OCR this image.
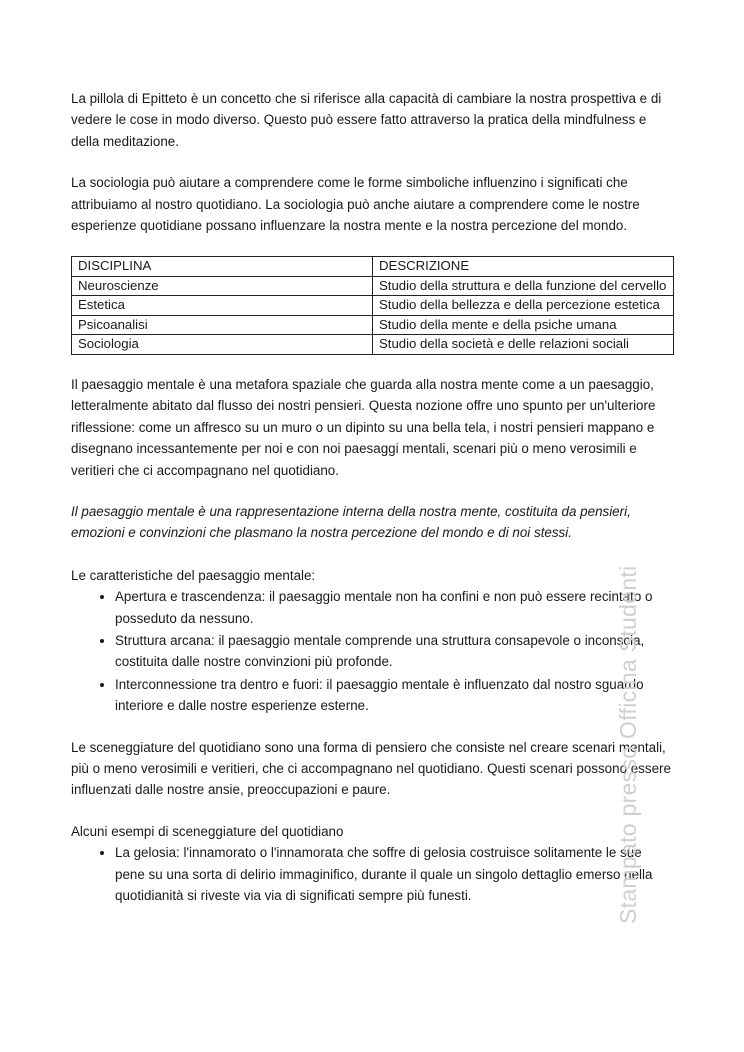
La pillola di Epitteto è un concetto che si riferisce alla capacità di cambiare la nostra prospettiva e di vedere le cose in modo diverso. Questo può essere fatto attraverso la pratica della mindfulness e della meditazione.

La sociologia può aiutare a comprendere come le forme simboliche influenzino i significati che attribuiamo al nostro quotidiano. La sociologia può anche aiutare a comprendere come le nostre esperienze quotidiane possano influenzare la nostra mente e la nostra percezione del mondo.

DISCIPLINA	DESCRIZIONE
Neuroscienze	Studio della struttura e della funzione del cervello
Estetica	Studio della bellezza e della percezione estetica
Psicoanalisi	Studio della mente e della psiche umana
Sociologia	Studio della società e delle relazioni sociali

Il paesaggio mentale è una metafora spaziale che guarda alla nostra mente come a un paesaggio, letteralmente abitato dal flusso dei nostri pensieri. Questa nozione offre uno spunto per un'ulteriore riflessione: come un affresco su un muro o un dipinto su una bella tela, i nostri pensieri mappano e disegnano incessantemente per noi e con noi paesaggi mentali, scenari più o meno verosimili e veritieri che ci accompagnano nel quotidiano.

Il paesaggio mentale è una rappresentazione interna della nostra mente, costituita da pensieri, emozioni e convinzioni che plasmano la nostra percezione del mondo e di noi stessi.

Le caratteristiche del paesaggio mentale:

• Apertura e trascendenza: il paesaggio mentale non ha confini e non può essere recintato o posseduto da nessuno.
• Struttura arcana: il paesaggio mentale comprende una struttura consapevole o inconscia, costituita dalle nostre convinzioni più profonde.
• Interconnessione tra dentro e fuori: il paesaggio mentale è influenzato dal nostro sguardo interiore e dalle nostre esperienze esterne.

Le sceneggiature del quotidiano sono una forma di pensiero che consiste nel creare scenari mentali, più o meno verosimili e veritieri, che ci accompagnano nel quotidiano. Questi scenari possono essere influenzati dalle nostre ansie, preoccupazioni e paure.

Alcuni esempi di sceneggiature del quotidiano

• La gelosia: l'innamorato o l'innamorata che soffre di gelosia costruisce solitamente le sue pene su una sorta di delirio immaginifico, durante il quale un singolo dettaglio emerso nella quotidianità si riveste via via di significati sempre più funesti.	Stampato presso Officina Studenti
